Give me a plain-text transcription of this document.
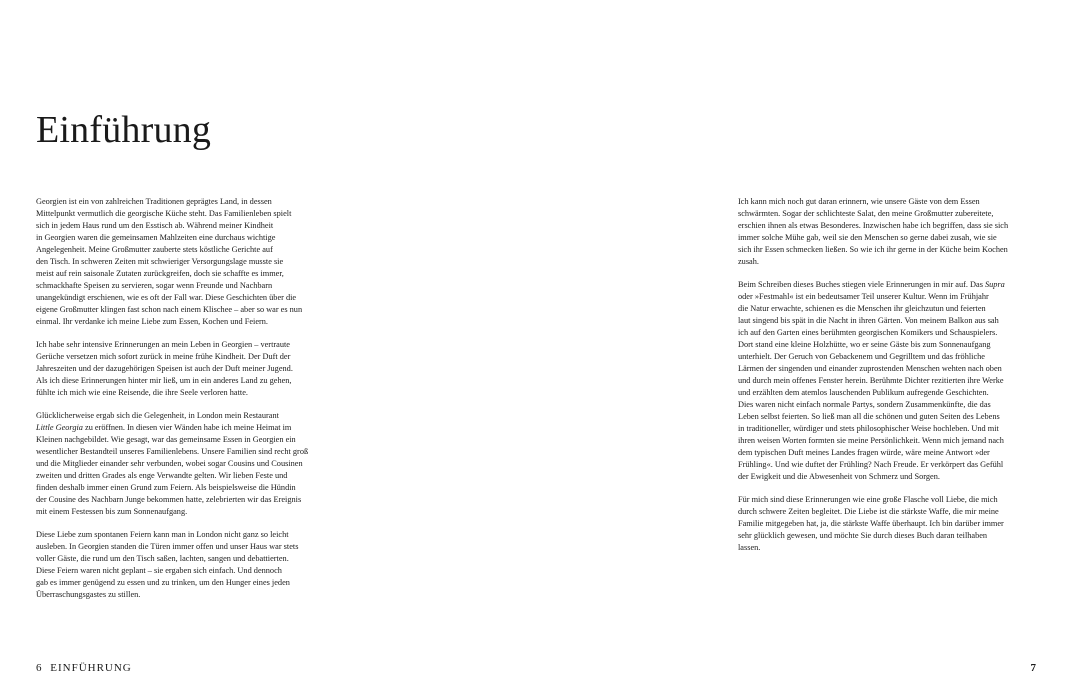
Einführung

Georgien ist ein von zahlreichen Traditionen geprägtes Land, in dessen
Mittelpunkt vermutlich die georgische Küche steht. Das Familienleben spielt
sich in jedem Haus rund um den Esstisch ab. Während meiner Kindheit
in Georgien waren die gemeinsamen Mahlzeiten eine durchaus wichtige
Angelegenheit. Meine Großmutter zauberte stets köstliche Gerichte auf
den Tisch. In schweren Zeiten mit schwieriger Versorgungslage musste sie
meist auf rein saisonale Zutaten zurückgreifen, doch sie schaffte es immer,
schmackhafte Speisen zu servieren, sogar wenn Freunde und Nachbarn
unangekündigt erschienen, wie es oft der Fall war. Diese Geschichten über die
eigene Großmutter klingen fast schon nach einem Klischee – aber so war es nun
einmal. Ihr verdanke ich meine Liebe zum Essen, Kochen und Feiern.

Ich habe sehr intensive Erinnerungen an mein Leben in Georgien – vertraute
Gerüche versetzen mich sofort zurück in meine frühe Kindheit. Der Duft der
Jahreszeiten und der dazugehörigen Speisen ist auch der Duft meiner Jugend.
Als ich diese Erinnerungen hinter mir ließ, um in ein anderes Land zu gehen,
fühlte ich mich wie eine Reisende, die ihre Seele verloren hatte.

Glücklicherweise ergab sich die Gelegenheit, in London mein Restaurant
Little Georgia zu eröffnen. In diesen vier Wänden habe ich meine Heimat im
Kleinen nachgebildet. Wie gesagt, war das gemeinsame Essen in Georgien ein
wesentlicher Bestandteil unseres Familienlebens. Unsere Familien sind recht groß
und die Mitglieder einander sehr verbunden, wobei sogar Cousins und Cousinen
zweiten und dritten Grades als enge Verwandte gelten. Wir lieben Feste und
finden deshalb immer einen Grund zum Feiern. Als beispielsweise die Hündin
der Cousine des Nachbarn Junge bekommen hatte, zelebrierten wir das Ereignis
mit einem Festessen bis zum Sonnenaufgang.

Diese Liebe zum spontanen Feiern kann man in London nicht ganz so leicht
ausleben. In Georgien standen die Türen immer offen und unser Haus war stets
voller Gäste, die rund um den Tisch saßen, lachten, sangen und debattierten.
Diese Feiern waren nicht geplant – sie ergaben sich einfach. Und dennoch
gab es immer genügend zu essen und zu trinken, um den Hunger eines jeden
Überraschungsgastes zu stillen.

6 EINFÜHRUNG

Ich kann mich noch gut daran erinnern, wie unsere Gäste von dem Essen
schwärmten. Sogar der schlichteste Salat, den meine Großmutter zubereitete,
erschien ihnen als etwas Besonderes. Inzwischen habe ich begriffen, dass sie sich
immer solche Mühe gab, weil sie den Menschen so gerne dabei zusah, wie sie
sich ihr Essen schmecken ließen. So wie ich ihr gerne in der Küche beim Kochen
zusah.

Beim Schreiben dieses Buches stiegen viele Erinnerungen in mir auf. Das Supra
oder »Festmahl« ist ein bedeutsamer Teil unserer Kultur. Wenn im Frühjahr
die Natur erwachte, schienen es die Menschen ihr gleichzutun und feierten
laut singend bis spät in die Nacht in ihren Gärten. Von meinem Balkon aus sah
ich auf den Garten eines berühmten georgischen Komikers und Schauspielers.
Dort stand eine kleine Holzhütte, wo er seine Gäste bis zum Sonnenaufgang
unterhielt. Der Geruch von Gebackenem und Gegrilltem und das fröhliche
Lärmen der singenden und einander zuprostenden Menschen wehten nach oben
und durch mein offenes Fenster herein. Berühmte Dichter rezitierten ihre Werke
und erzählten dem atemlos lauschenden Publikum aufregende Geschichten.
Dies waren nicht einfach normale Partys, sondern Zusammenkünfte, die das
Leben selbst feierten. So ließ man all die schönen und guten Seiten des Lebens
in traditioneller, würdiger und stets philosophischer Weise hochleben. Und mit
ihren weisen Worten formten sie meine Persönlichkeit. Wenn mich jemand nach
dem typischen Duft meines Landes fragen würde, wäre meine Antwort »der
Frühling«. Und wie duftet der Frühling? Nach Freude. Er verkörpert das Gefühl
der Ewigkeit und die Abwesenheit von Schmerz und Sorgen.

Für mich sind diese Erinnerungen wie eine große Flasche voll Liebe, die mich
durch schwere Zeiten begleitet. Die Liebe ist die stärkste Waffe, die mir meine
Familie mitgegeben hat, ja, die stärkste Waffe überhaupt. Ich bin darüber immer
sehr glücklich gewesen, und möchte Sie durch dieses Buch daran teilhaben
lassen.

7
